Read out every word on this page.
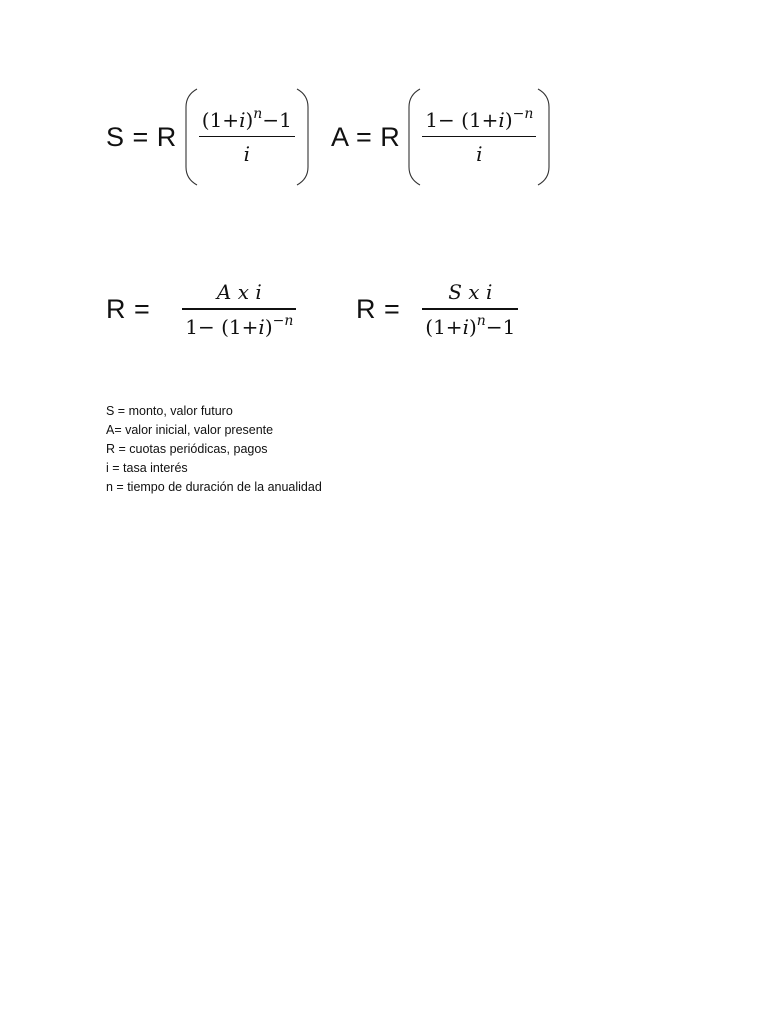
S = R $\frac{(1+i)^n-1}{i}$ A = R $\frac{1- (1+i)^{-n}}{i}$
$R = \frac{\text{A x i}}{1- (1+i)^{-n}}$ $R = \frac{\text{S x i}}{(1+i)^n-1}$
S = monto, valor futuro
A= valor inicial, valor presente
R = cuotas periódicas, pagos
i = tasa interés
n = tiempo de duración de la anualidad
